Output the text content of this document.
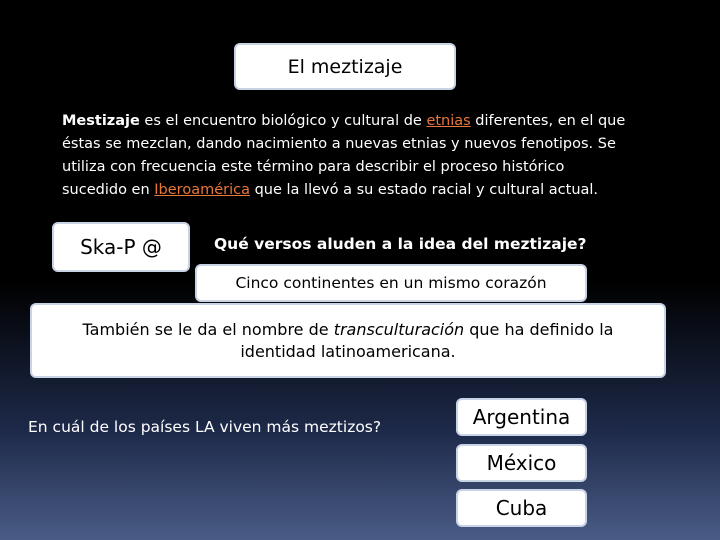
El meztizaje
Mestizaje es el encuentro biológico y cultural de etnias diferentes, en el que éstas se mezclan, dando nacimiento a nuevas etnias y nuevos fenotipos. Se utiliza con frecuencia este término para describir el proceso histórico sucedido en Iberoamérica que la llevó a su estado racial y cultural actual.
Ska-P @	Qué versos aluden a la idea del meztizaje?
Cinco continentes en un mismo corazón
También se le da el nombre de transculturación que ha definido la identidad latinoamericana.
En cuál de los países LA viven más meztizos?	Argentina
México
Cuba
